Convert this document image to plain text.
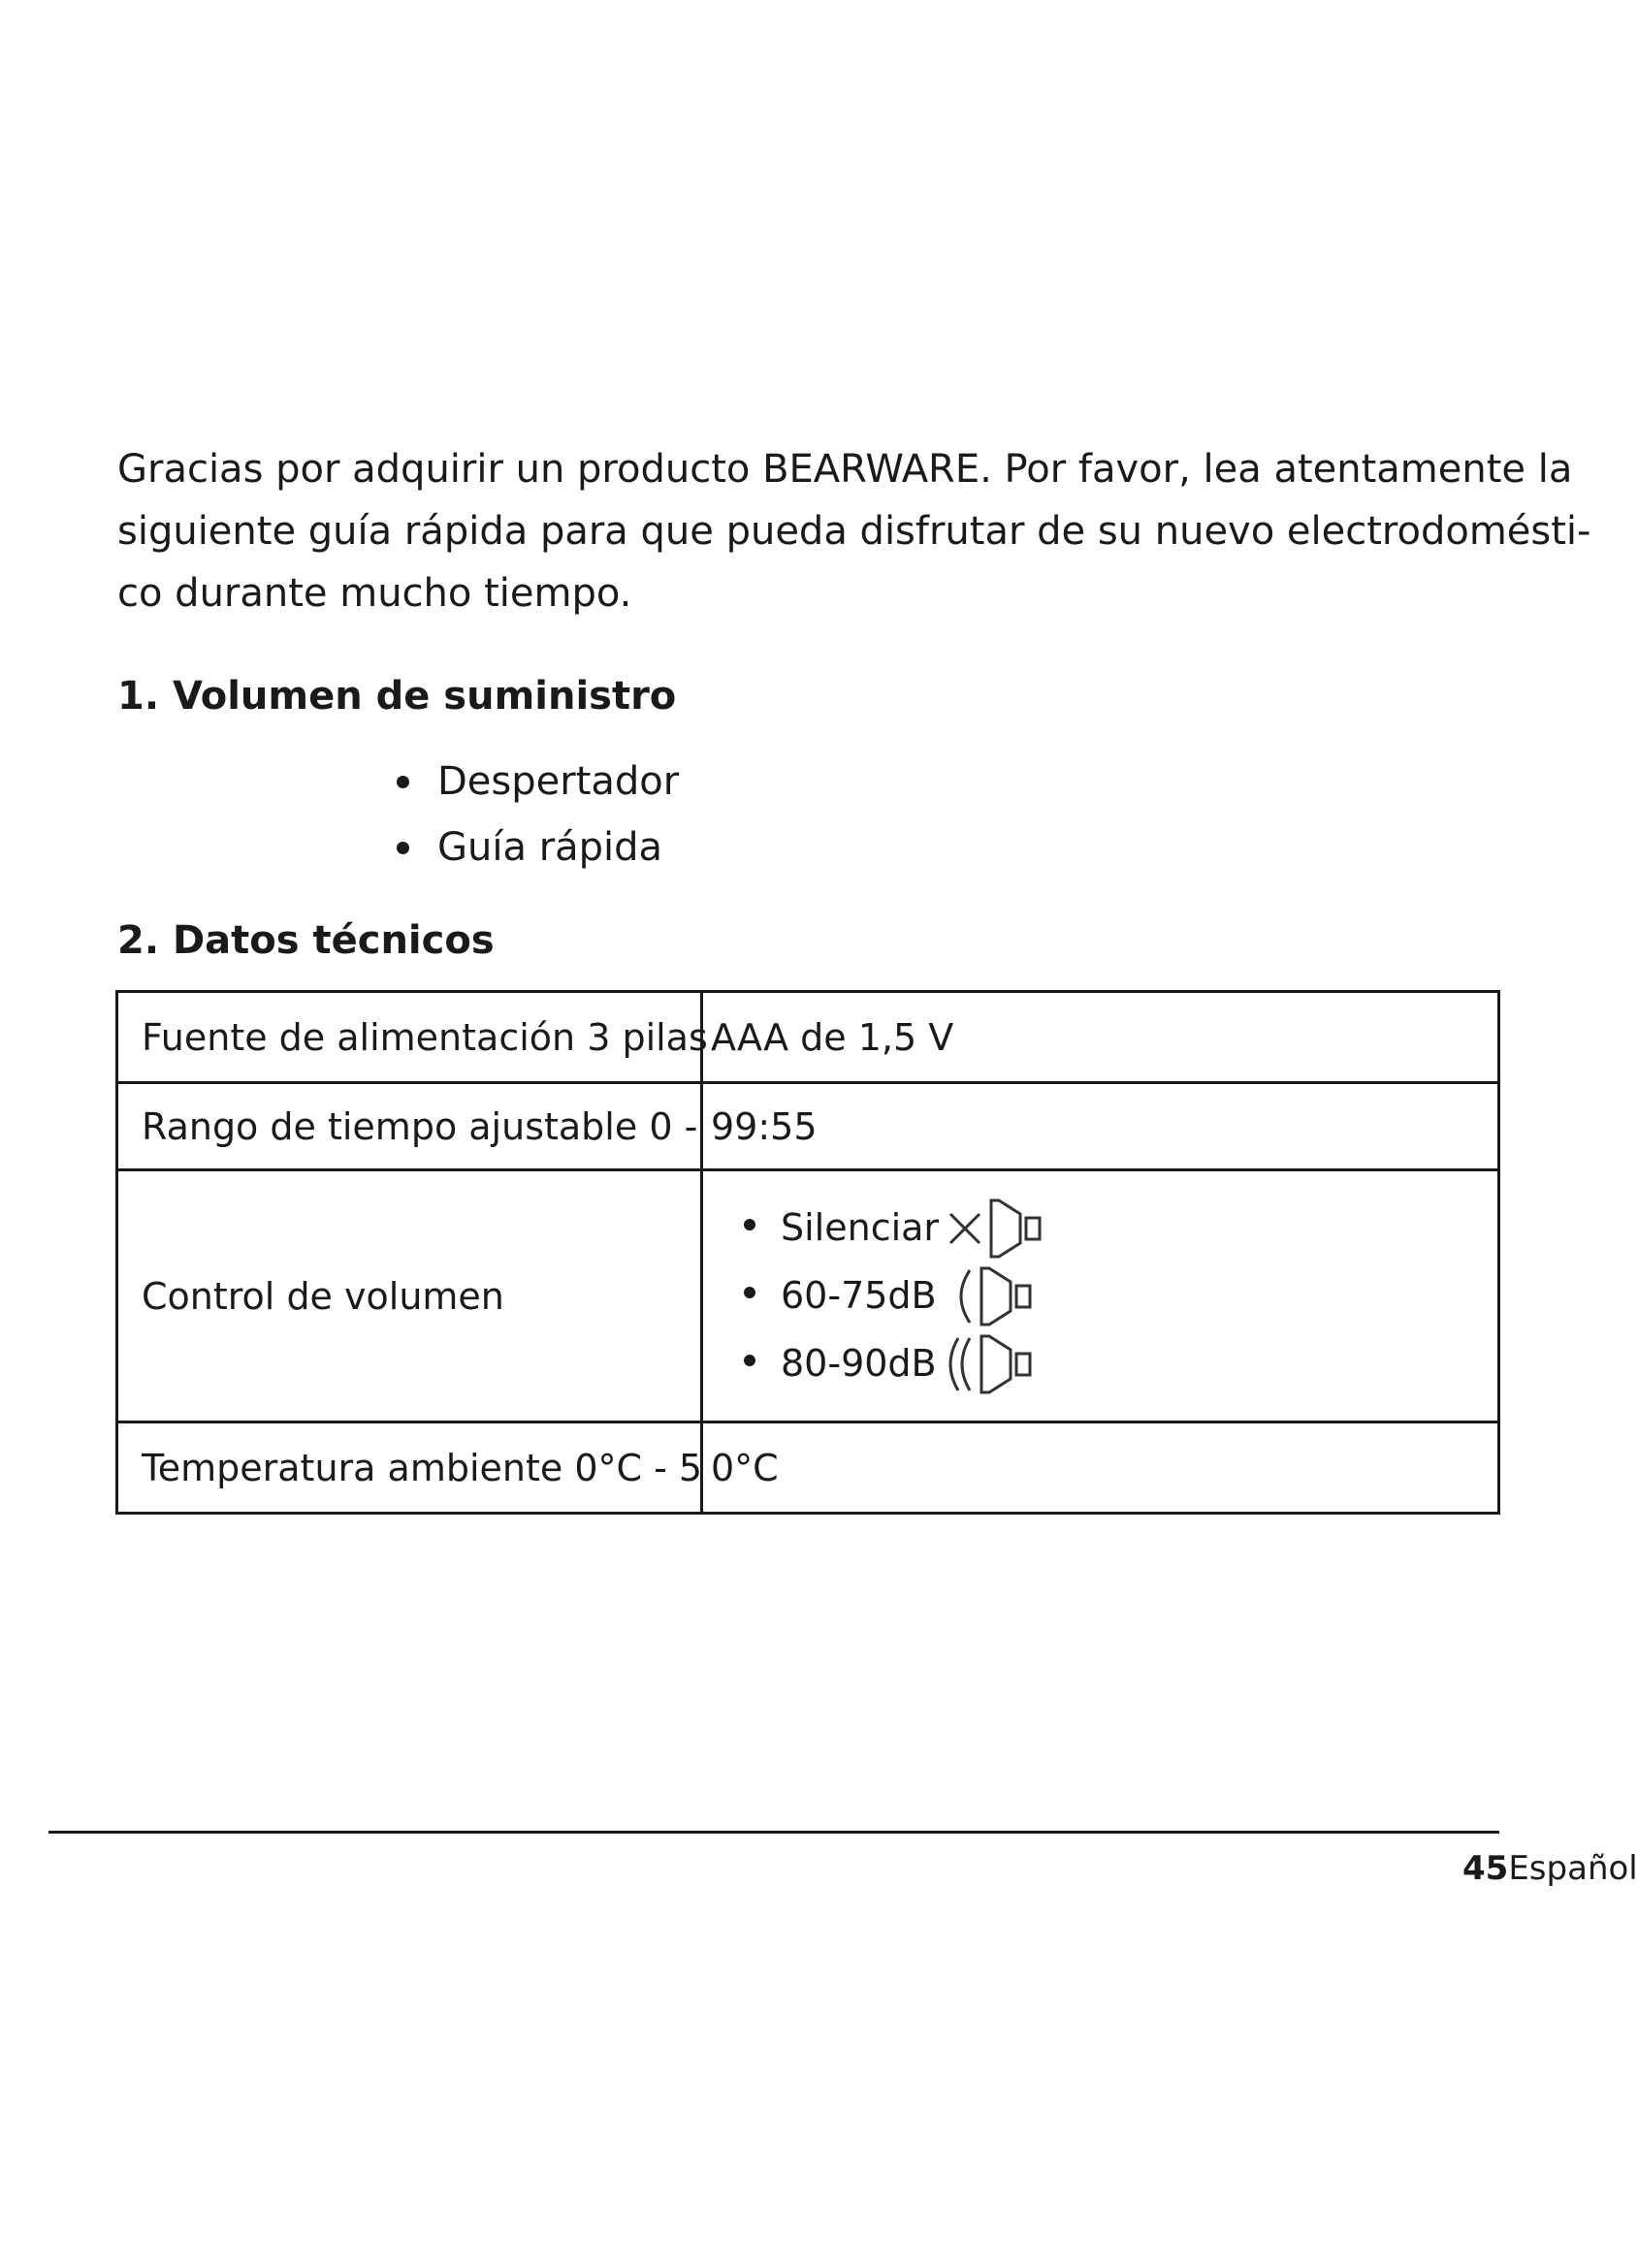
Gracias por adquirir un producto BEARWARE. Por favor, lea atentamente la
siguiente guía rápida para que pueda disfrutar de su nuevo electrodomésti-
co durante mucho tiempo.

1. Volumen de suministro
Despertador
Guía rápida
2. Datos técnicos
Fuente de alimentación 3 pilas AAA de 1,5 V
Rango de tiempo ajustable 0 - 99:55
Control de volumen
Silenciar
60-75dB
80-90dB
Temperatura ambiente 0°C - 5 0°C
45Español
